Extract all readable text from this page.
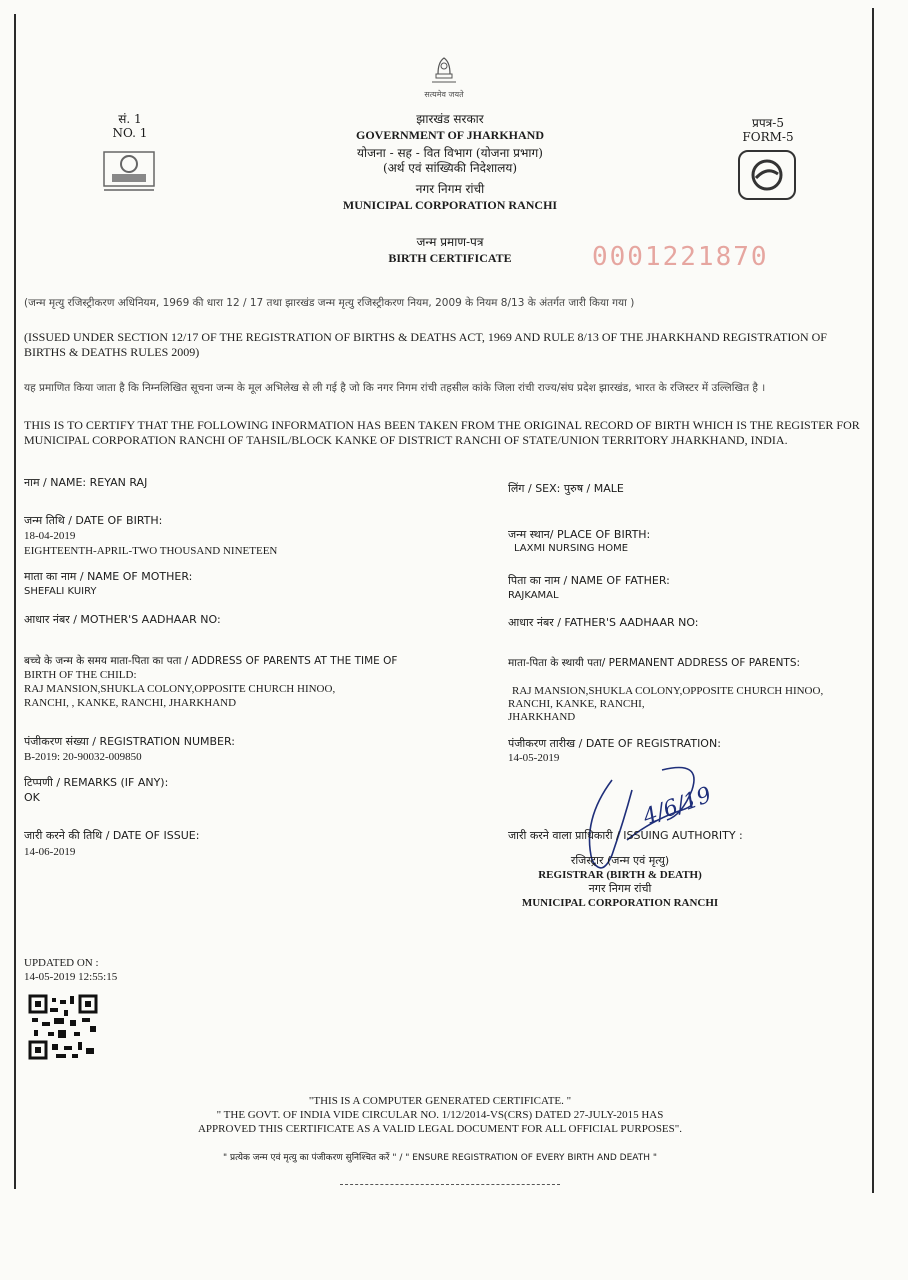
सत्यमेव जयते
सं. 1
NO. 1
प्रपत्र-5
FORM-5
झारखंड सरकार
GOVERNMENT OF JHARKHAND
योजना - सह - वित विभाग (योजना प्रभाग)
(अर्थ एवं सांख्यिकी निदेशालय)
नगर निगम रांची
MUNICIPAL CORPORATION RANCHI
जन्म प्रमाण-पत्र
BIRTH CERTIFICATE	0001221870
(जन्म मृत्यु रजिस्ट्रीकरण अधिनियम, 1969 की धारा 12 / 17 तथा झारखंड जन्म मृत्यु रजिस्ट्रीकरण नियम, 2009 के नियम 8/13 के अंतर्गत जारी किया गया )
(ISSUED UNDER SECTION 12/17 OF THE REGISTRATION OF BIRTHS & DEATHS ACT, 1969 AND RULE 8/13 OF THE JHARKHAND REGISTRATION OF BIRTHS & DEATHS RULES 2009)
यह प्रमाणित किया जाता है कि निम्नलिखित सूचना जन्म के मूल अभिलेख से ली गई है जो कि नगर निगम रांची तहसील कांके जिला रांची राज्य/संघ प्रदेश झारखंड, भारत के रजिस्टर में उल्लिखित है ।
THIS IS TO CERTIFY THAT THE FOLLOWING INFORMATION HAS BEEN TAKEN FROM THE ORIGINAL RECORD OF BIRTH WHICH IS THE REGISTER FOR MUNICIPAL CORPORATION RANCHI OF TAHSIL/BLOCK KANKE OF DISTRICT RANCHI OF STATE/UNION TERRITORY JHARKHAND, INDIA.
नाम / NAME: REYAN RAJ	लिंग / SEX: पुरुष / MALE
जन्म तिथि / DATE OF BIRTH:
18-04-2019
EIGHTEENTH-APRIL-TWO THOUSAND NINETEEN
जन्म स्थान/ PLACE OF BIRTH:
LAXMI NURSING HOME
माता का नाम / NAME OF MOTHER:
SHEFALI KUIRY
पिता का नाम / NAME OF FATHER:
RAJKAMAL
आधार नंबर / MOTHER'S AADHAAR NO:	आधार नंबर / FATHER'S AADHAAR NO:
बच्चे के जन्म के समय माता-पिता का पता / ADDRESS OF PARENTS AT THE TIME OF
BIRTH OF THE CHILD:
RAJ MANSION,SHUKLA COLONY,OPPOSITE CHURCH HINOO,
RANCHI, , KANKE, RANCHI, JHARKHAND
माता-पिता के स्थायी पता/ PERMANENT ADDRESS OF PARENTS:
RAJ MANSION,SHUKLA COLONY,OPPOSITE CHURCH HINOO,
RANCHI, KANKE, RANCHI,
JHARKHAND
पंजीकरण संख्या / REGISTRATION NUMBER:
B-2019: 20-90032-009850
पंजीकरण तारीख / DATE OF REGISTRATION:
14-05-2019
टिप्पणी / REMARKS (IF ANY):
OK
जारी करने की तिथि / DATE OF ISSUE:
14-06-2019
4/6/19
जारी करने वाला प्राधिकारी / ISSUING AUTHORITY :
रजिस्ट्रार (जन्म एवं मृत्यु)
REGISTRAR (BIRTH & DEATH)
नगर निगम रांची
MUNICIPAL CORPORATION RANCHI
UPDATED ON :
14-05-2019 12:55:15
"THIS IS A COMPUTER GENERATED CERTIFICATE. "
" THE GOVT. OF INDIA VIDE CIRCULAR NO. 1/12/2014-VS(CRS) DATED 27-JULY-2015 HAS
APPROVED THIS CERTIFICATE AS A VALID LEGAL DOCUMENT FOR ALL OFFICIAL PURPOSES".
" प्रत्येक जन्म एवं मृत्यु का पंजीकरण सुनिश्चित करें " / " ENSURE REGISTRATION OF EVERY BIRTH AND DEATH "
